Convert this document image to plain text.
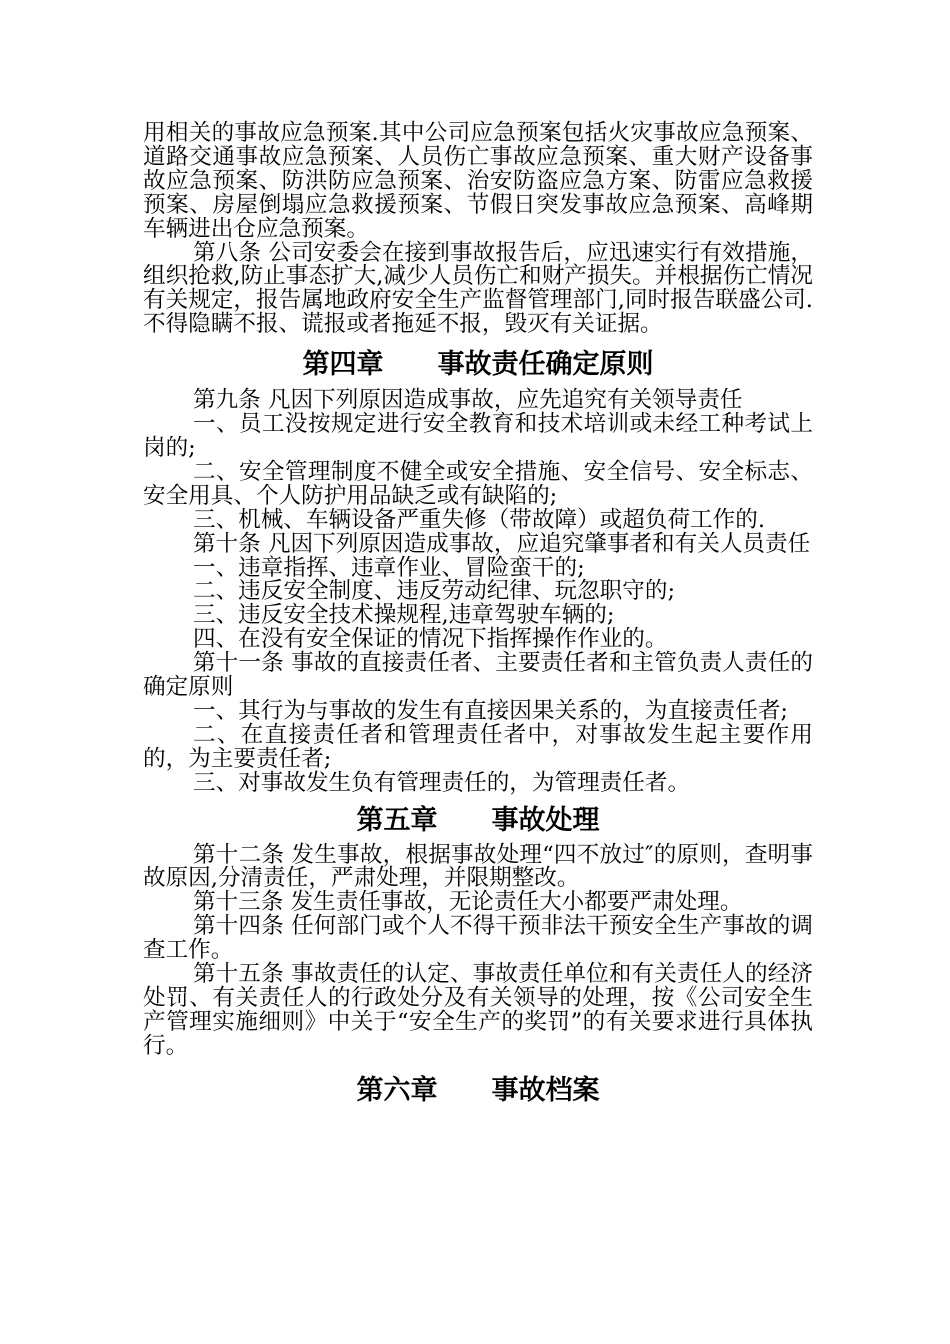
用相关的事故应急预案.其中公司应急预案包括火灾事故应急预案、道路交通事故应急预案、人员伤亡事故应急预案、重大财产设备事故应急预案、防洪防应急预案、治安防盗应急方案、防雷应急救援预案、房屋倒塌应急救援预案、节假日突发事故应急预案、高峰期车辆进出仓应急预案。

第八条 公司安委会在接到事故报告后，应迅速实行有效措施，组织抢救,防止事态扩大,减少人员伤亡和财产损失。并根据伤亡情况有关规定，报告属地政府安全生产监督管理部门,同时报告联盛公司.不得隐瞒不报、谎报或者拖延不报，毁灭有关证据。

第四章　　事故责任确定原则

第九条 凡因下列原因造成事故，应先追究有关领导责任

一、员工没按规定进行安全教育和技术培训或未经工种考试上岗的;

二、安全管理制度不健全或安全措施、安全信号、安全标志、安全用具、个人防护用品缺乏或有缺陷的;

三、机械、车辆设备严重失修（带故障）或超负荷工作的.

第十条 凡因下列原因造成事故，应追究肇事者和有关人员责任

一、违章指挥、违章作业、冒险蛮干的;

二、违反安全制度、违反劳动纪律、玩忽职守的;

三、违反安全技术操规程,违章驾驶车辆的;

四、在没有安全保证的情况下指挥操作作业的。

第十一条 事故的直接责任者、主要责任者和主管负责人责任的确定原则

一、其行为与事故的发生有直接因果关系的，为直接责任者;

二、在直接责任者和管理责任者中，对事故发生起主要作用的，为主要责任者;

三、对事故发生负有管理责任的，为管理责任者。

第五章　　事故处理

第十二条 发生事故，根据事故处理“四不放过″的原则，查明事故原因,分清责任，严肃处理，并限期整改。

第十三条 发生责任事故，无论责任大小都要严肃处理。

第十四条 任何部门或个人不得干预非法干预安全生产事故的调查工作。

第十五条 事故责任的认定、事故责任单位和有关责任人的经济处罚、有关责任人的行政处分及有关领导的处理，按《公司安全生产管理实施细则》中关于“安全生产的奖罚”的有关要求进行具体执行。

第六章　　事故档案
